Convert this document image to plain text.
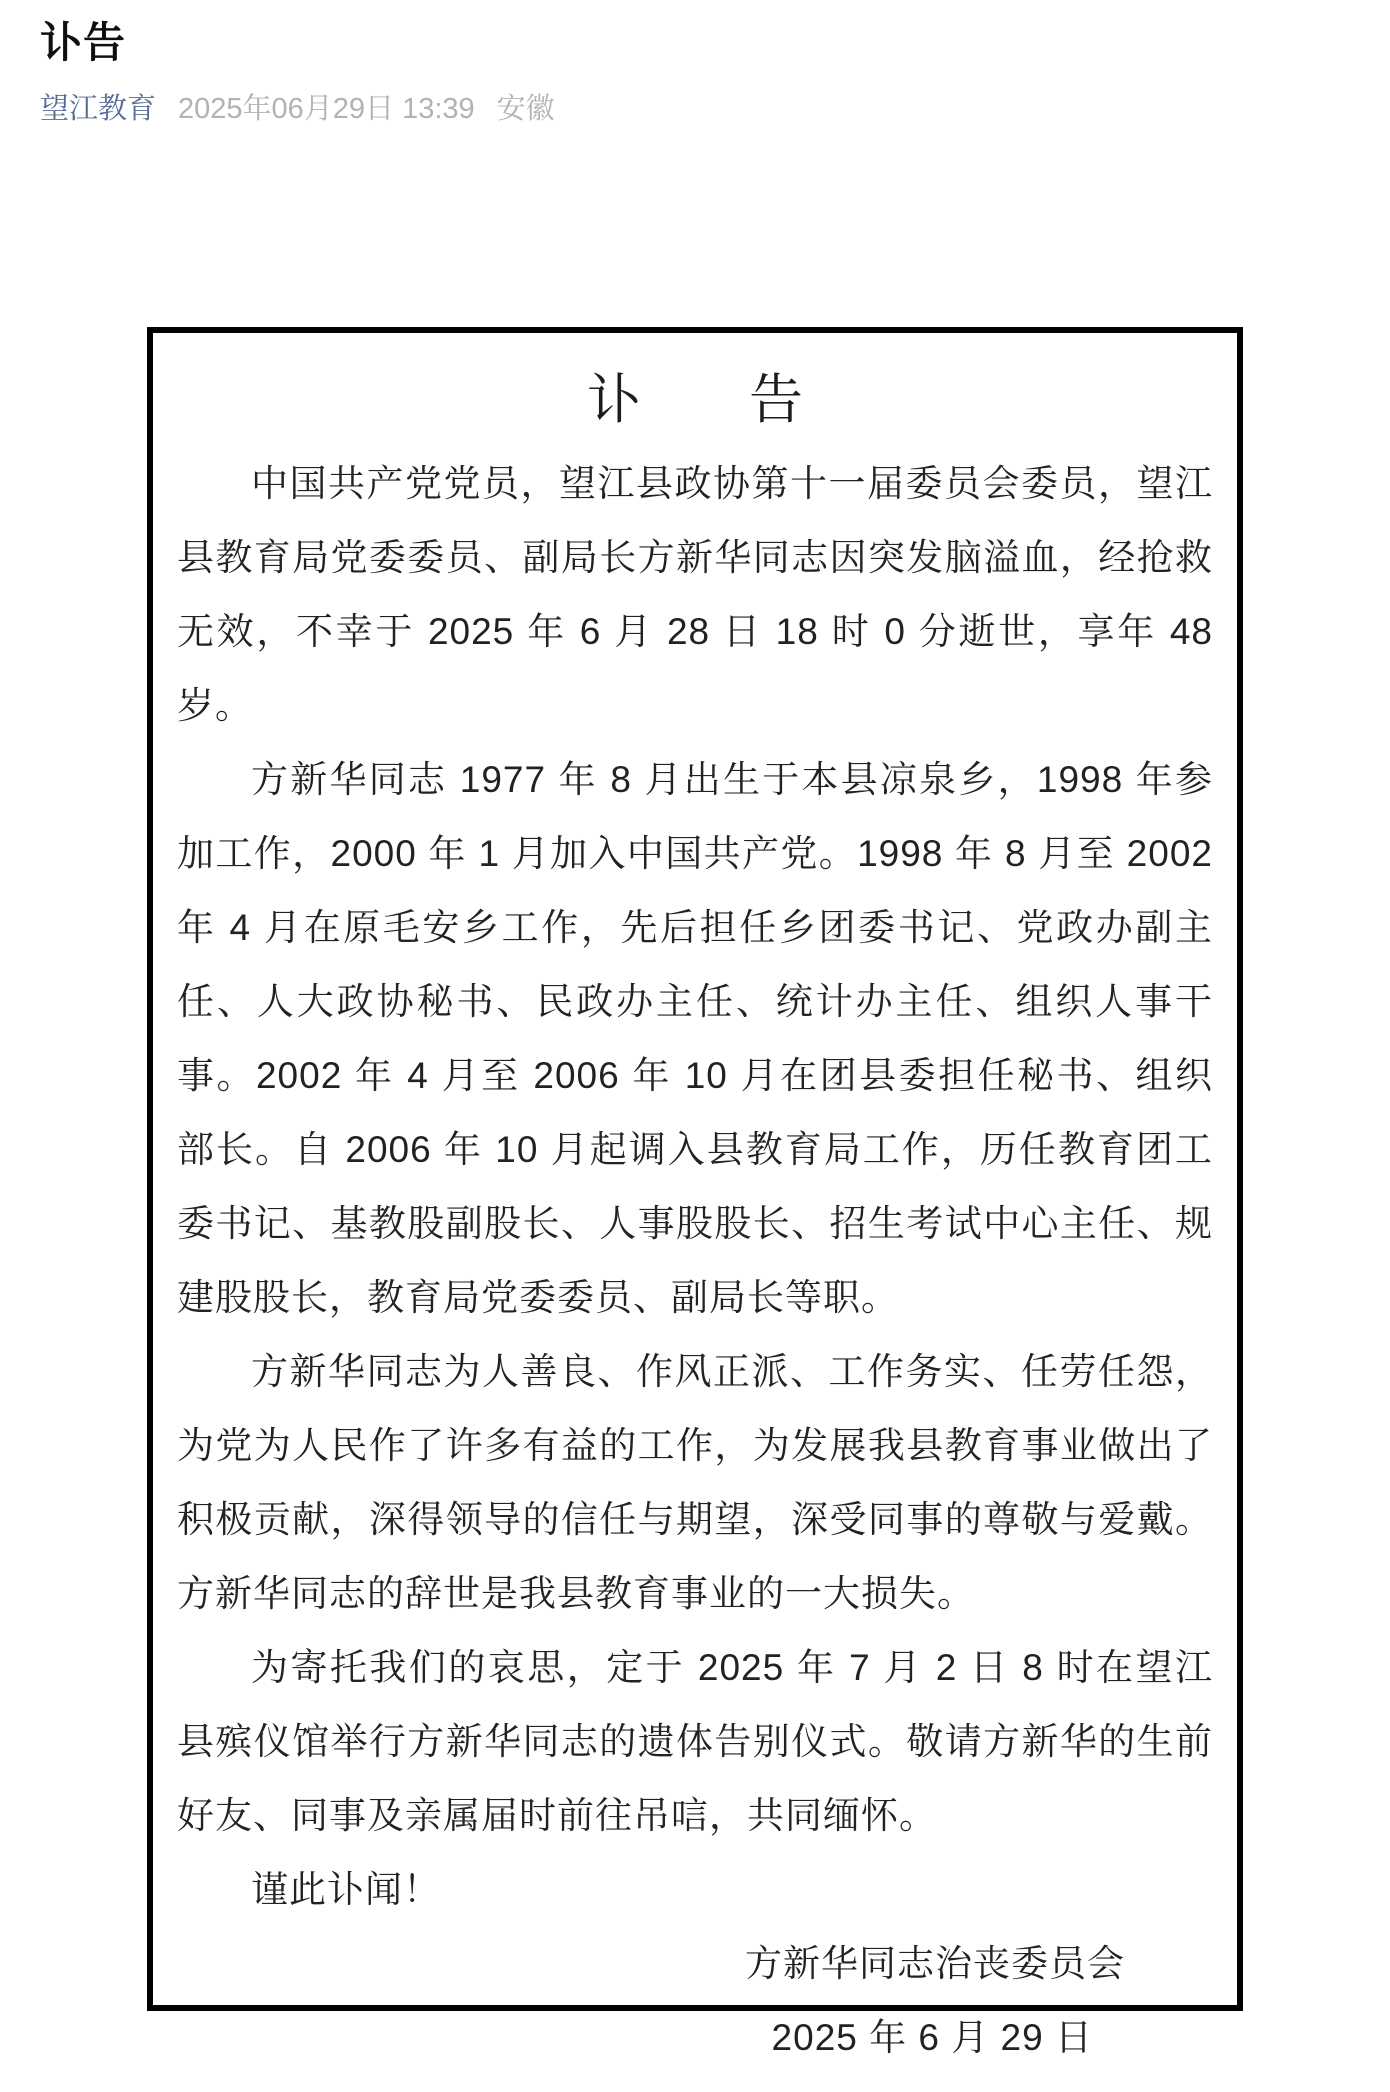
讣告
望江教育 2025年06月29日 13:39 安徽
讣　　告

中国共产党党员，望江县政协第十一届委员会委员，望江县教育局党委委员、副局长方新华同志因突发脑溢血，经抢救无效，不幸于 2025 年 6 月 28 日 18 时 0 分逝世，享年 48 岁。

方新华同志 1977 年 8 月出生于本县凉泉乡，1998 年参加工作，2000 年 1 月加入中国共产党。1998 年 8 月至 2002 年 4 月在原毛安乡工作，先后担任乡团委书记、党政办副主任、人大政协秘书、民政办主任、统计办主任、组织人事干事。2002 年 4 月至 2006 年 10 月在团县委担任秘书、组织部长。自 2006 年 10 月起调入县教育局工作，历任教育团工委书记、基教股副股长、人事股股长、招生考试中心主任、规建股股长，教育局党委委员、副局长等职。

方新华同志为人善良、作风正派、工作务实、任劳任怨，为党为人民作了许多有益的工作，为发展我县教育事业做出了积极贡献，深得领导的信任与期望，深受同事的尊敬与爱戴。方新华同志的辞世是我县教育事业的一大损失。

为寄托我们的哀思，定于 2025 年 7 月 2 日 8 时在望江县殡仪馆举行方新华同志的遗体告别仪式。敬请方新华的生前好友、同事及亲属届时前往吊唁，共同缅怀。

谨此讣闻！

方新华同志治丧委员会
2025 年 6 月 29 日
